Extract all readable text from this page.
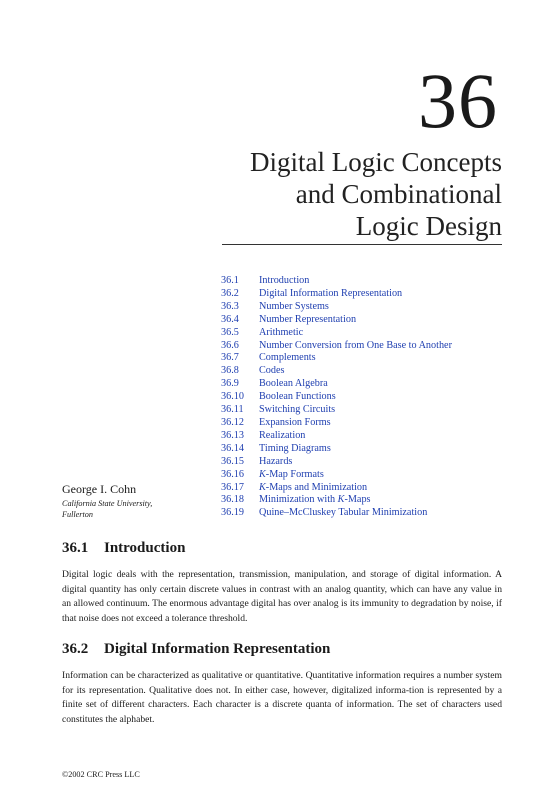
36
Digital Logic Concepts
and Combinational
Logic Design
36.1	Introduction
36.2	Digital Information Representation
36.3	Number Systems
36.4	Number Representation
36.5	Arithmetic
36.6	Number Conversion from One Base to Another
36.7	Complements
36.8	Codes
36.9	Boolean Algebra
36.10	Boolean Functions
36.11	Switching Circuits
36.12	Expansion Forms
36.13	Realization
36.14	Timing Diagrams
36.15	Hazards
36.16	K-Map Formats
36.17	K-Maps and Minimization
36.18	Minimization with K-Maps
36.19	Quine–McCluskey Tabular Minimization
George I. Cohn
California State University,
Fullerton
36.1 Introduction
Digital logic deals with the representation, transmission, manipulation, and storage of digital information. A digital quantity has only certain discrete values in contrast with an analog quantity, which can have any value in an allowed continuum. The enormous advantage digital has over analog is its immunity to degradation by noise, if that noise does not exceed a tolerance threshold.
36.2 Digital Information Representation
Information can be characterized as qualitative or quantitative. Quantitative information requires a number system for its representation. Qualitative does not. In either case, however, digitalized informa-tion is represented by a finite set of different characters. Each character is a discrete quanta of information. The set of characters used constitutes the alphabet.
©2002 CRC Press LLC
